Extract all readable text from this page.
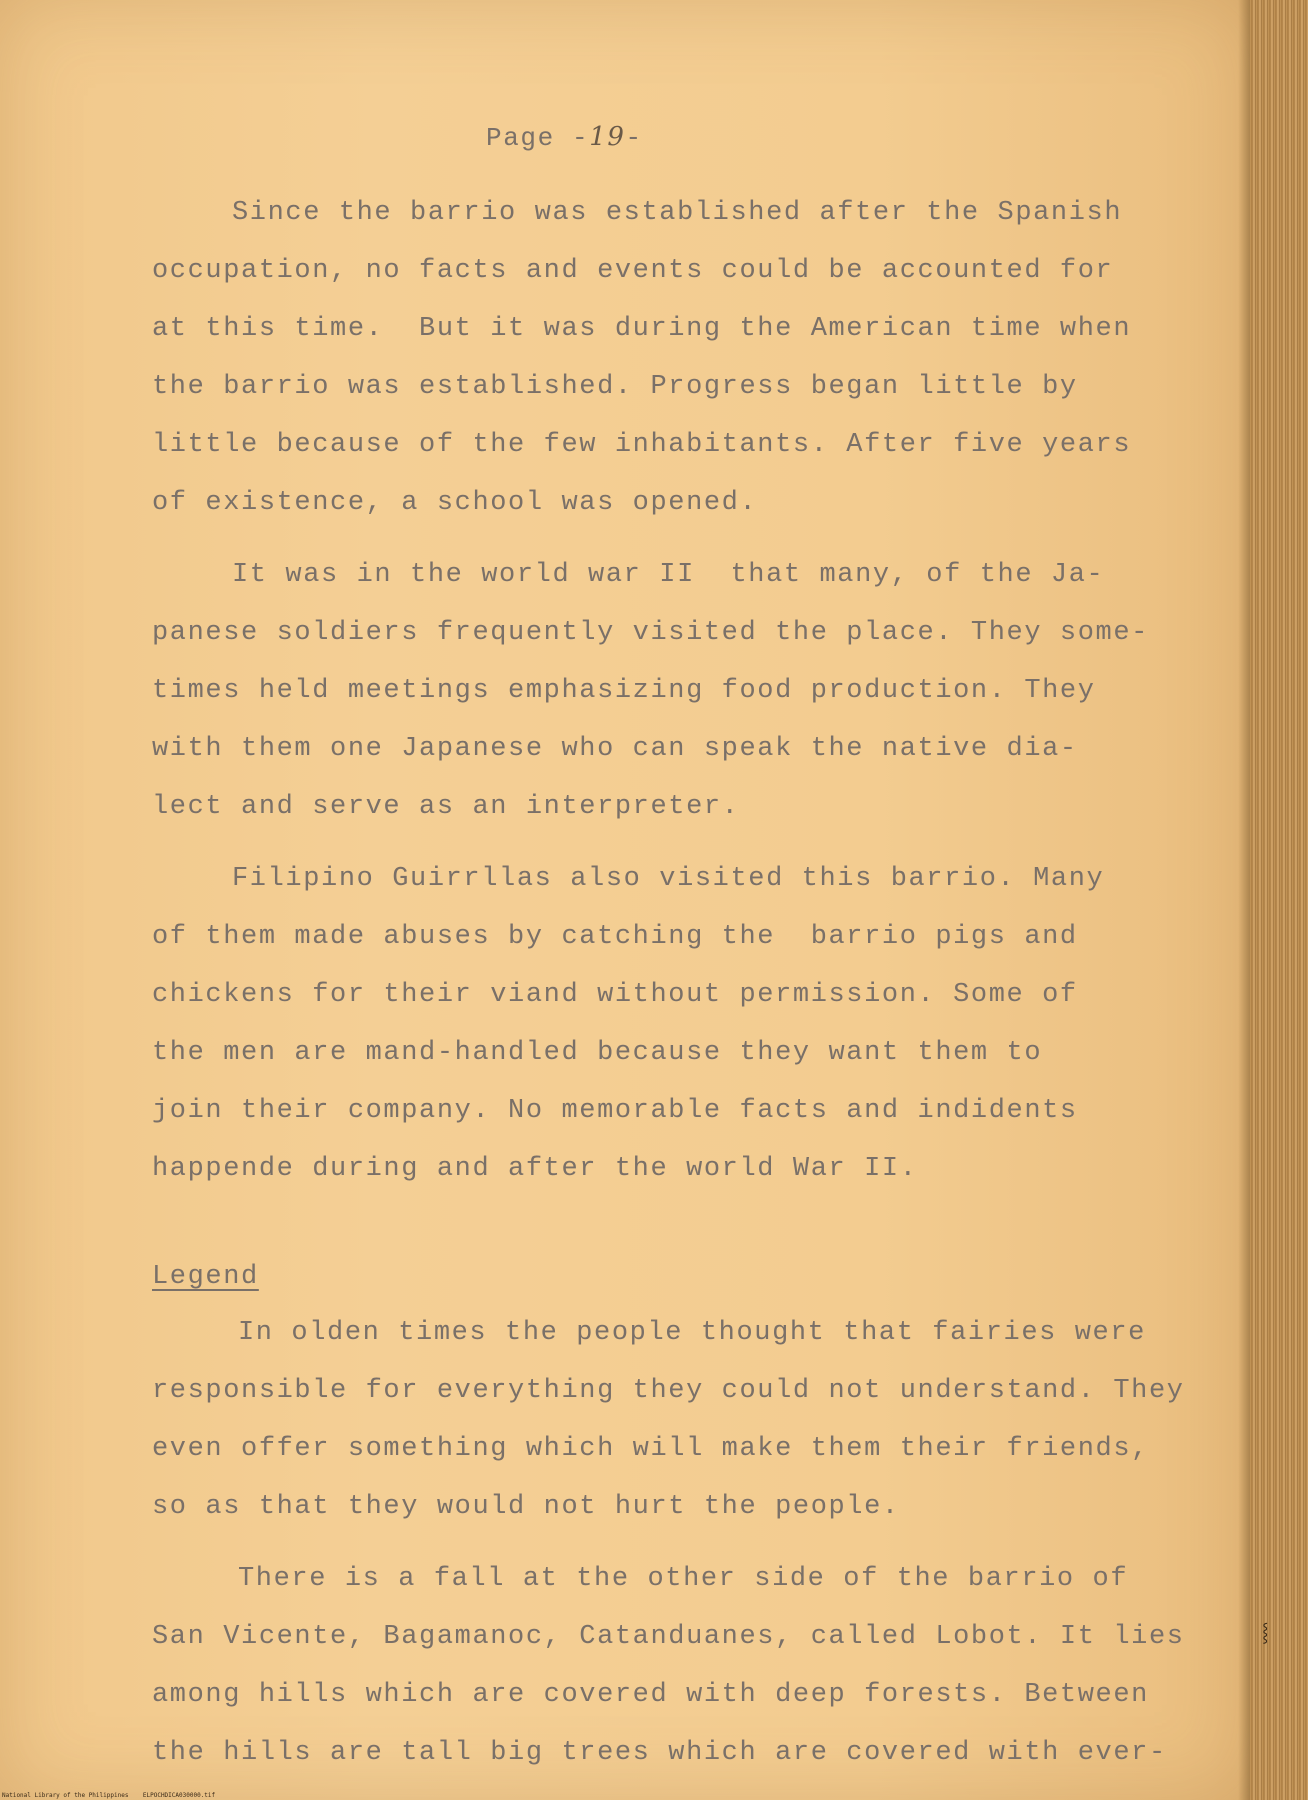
Page -19-

Since the barrio was established after the Spanish

occupation, no facts and events could be accounted for

at this time.  But it was during the American time when

the barrio was established. Progress began little by

little because of the few inhabitants. After five years

of existence, a school was opened.

It was in the world war II  that many, of the Ja-

panese soldiers frequently visited the place. They some-

times held meetings emphasizing food production. They

with them one Japanese who can speak the native dia-

lect and serve as an interpreter.

Filipino Guirrllas also visited this barrio. Many

of them made abuses by catching the  barrio pigs and

chickens for their viand without permission. Some of

the men are mand-handled because they want them to

join their company. No memorable facts and indidents

happende during and after the world War II.

Legend

In olden times the people thought that fairies were

responsible for everything they could not understand. They

even offer something which will make them their friends,

so as that they would not hurt the people.

There is a fall at the other side of the barrio of

San Vicente, Bagamanoc, Catanduanes, called Lobot. It lies

among hills which are covered with deep forests. Between

the hills are tall big trees which are covered with ever-

⸾

National Library of the Philippines    ELPOCHDICA030000.tif
